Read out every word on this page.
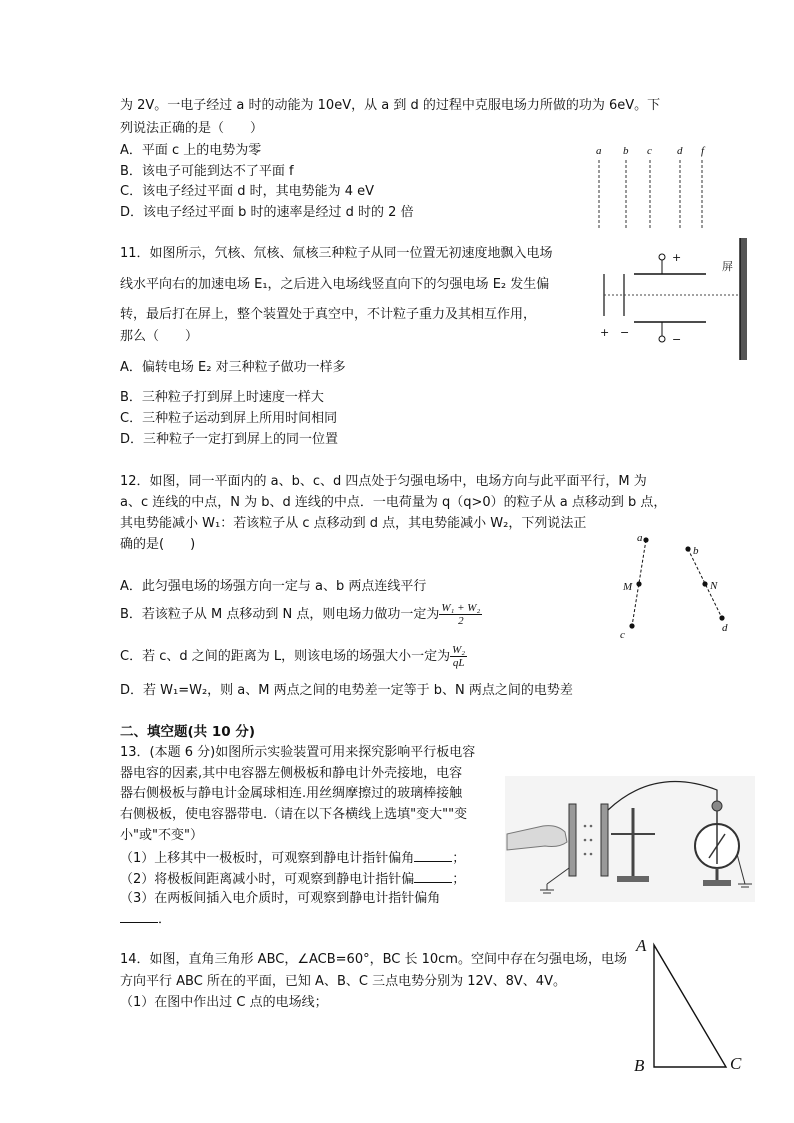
为 2V。一电子经过 a 时的动能为 10eV，从 a 到 d 的过程中克服电场力所做的功为 6eV。下
列说法正确的是（　　）
A．平面 c 上的电势为零
B．该电子可能到达不了平面 f
C．该电子经过平面 d 时，其电势能为 4 eV
D．该电子经过平面 b 时的速率是经过 d 时的 2 倍
a b c d f
11．如图所示，氕核、氘核、氚核三种粒子从同一位置无初速度地飘入电场
线水平向右的加速电场 E₁，之后进入电场线竖直向下的匀强电场 E₂ 发生偏
转，最后打在屏上，整个装置处于真空中，不计粒子重力及其相互作用，
那么（　　）
A．偏转电场 E₂ 对三种粒子做功一样多
B．三种粒子打到屏上时速度一样大
C．三种粒子运动到屏上所用时间相同
D．三种粒子一定打到屏上的同一位置
+
−
+ −
屏
12．如图，同一平面内的 a、b、c、d 四点处于匀强电场中，电场方向与此平面平行，M 为
a、c 连线的中点，N 为 b、d 连线的中点．一电荷量为 q（q>0）的粒子从 a 点移动到 b 点，
其电势能减小 W₁：若该粒子从 c 点移动到 d 点，其电势能减小 W₂，下列说法正
确的是(　　)
A．此匀强电场的场强方向一定与 a、b 两点连线平行
B．若该粒子从 M 点移动到 N 点，则电场力做功一定为 $\frac{\text{W₁ + W₂}}{2}$
C．若 c、d 之间的距离为 L，则该电场的场强大小一定为 $\frac{\text{W₂}}{qL}$
D．若 W₁=W₂，则 a、M 两点之间的电势差一定等于 b、N 两点之间的电势差
a
b
M	N
c
d
二、填空题(共 10 分)
13．(本题 6 分)如图所示实验装置可用来探究影响平行板电容
器电容的因素,其中电容器左侧极板和静电计外壳接地，电容
器右侧极板与静电计金属球相连.用丝绸摩擦过的玻璃棒接触
右侧极板，使电容器带电.（请在以下各横线上选填"变大""变
小"或"不变"）
（1）上移其中一极板时，可观察到静电计指针偏角	；
（2）将极板间距离减小时，可观察到静电计指针偏	；
（3）在两板间插入电介质时，可观察到静电计指针偏角
．
14．如图，直角三角形 ABC，∠ACB=60°，BC 长 10cm。空间中存在匀强电场，电场
方向平行 ABC 所在的平面，已知 A、B、C 三点电势分别为 12V、8V、4V。
（1）在图中作出过 C 点的电场线；
A
B	C
